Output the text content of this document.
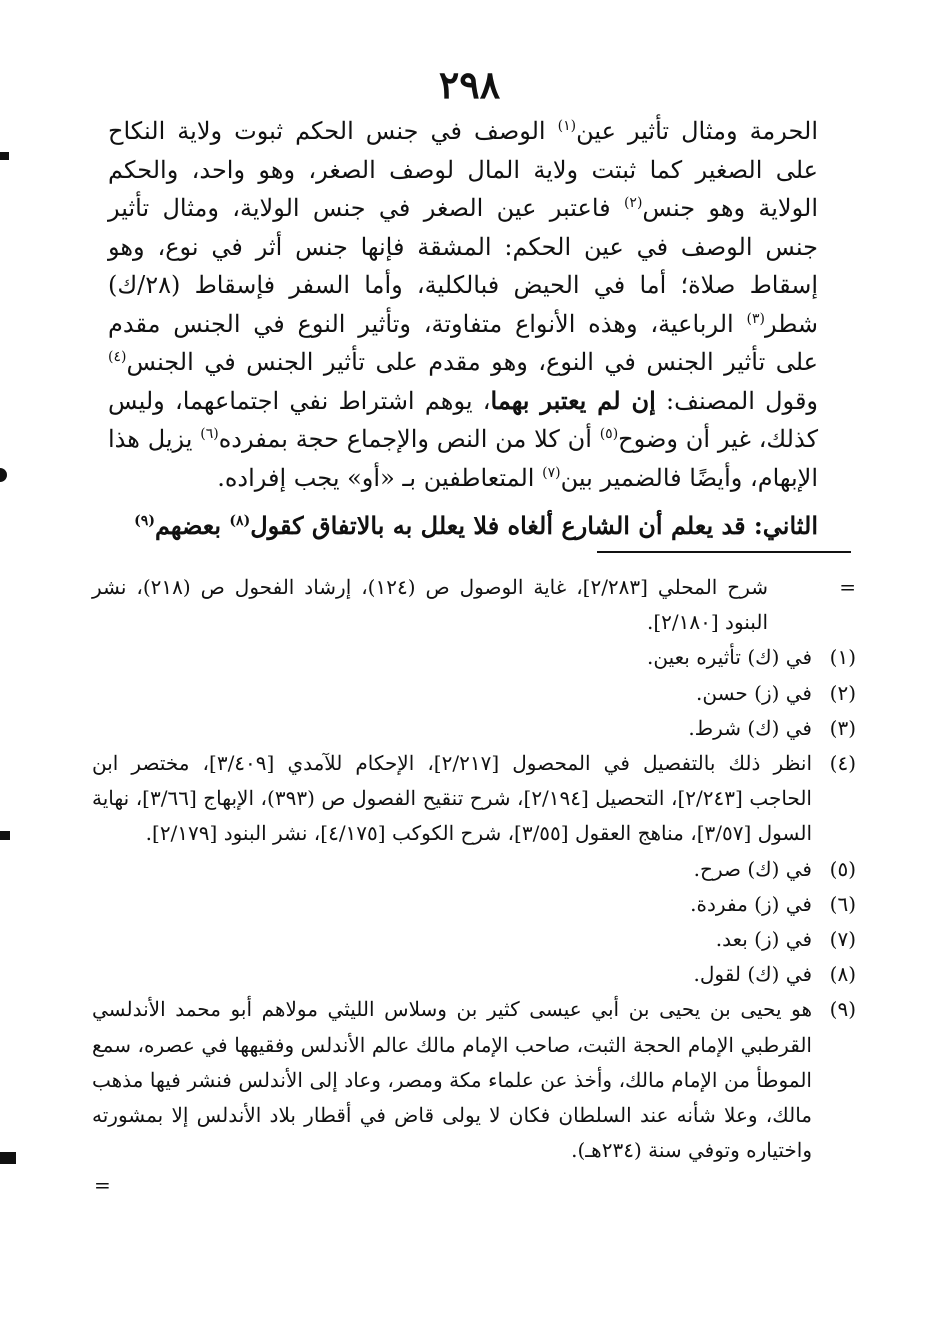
٢٩٨

الحرمة ومثال تأثير عين$^{(١)}$ الوصف في جنس الحكم ثبوت ولاية النكاح على الصغير كما ثبتت ولاية المال لوصف الصغر، وهو واحد، والحكم الولاية وهو جنس$^{(٢)}$ فاعتبر عين الصغر في جنس الولاية، ومثال تأثير جنس الوصف في عين الحكم: المشقة فإنها جنس أثر في نوع، وهو إسقاط صلاة؛ أما في الحيض فبالكلية، وأما السفر فإسقاط (٢٨/ك) شطر$^{(٣)}$ الرباعية، وهذه الأنواع متفاوتة، وتأثير النوع في الجنس مقدم على تأثير الجنس في النوع، وهو مقدم على تأثير الجنس في الجنس$^{(٤)}$ وقول المصنف: إن لم يعتبر بهما، يوهم اشتراط نفي اجتماعهما، وليس كذلك، غير أن وضوح$^{(٥)}$ أن كلا من النص والإجماع حجة بمفرده$^{(٦)}$ يزيل هذا الإبهام، وأيضًا فالضمير بين$^{(٧)}$ المتعاطفين بـ «أو» يجب إفراده.

الثاني: قد يعلم أن الشارع ألغاه فلا يعلل به بالاتفاق كقول$^{(٨)}$ بعضهم$^{(٩)}$

=
شرح المحلي [٢/٢٨٣]، غاية الوصول ص (١٢٤)، إرشاد الفحول ص (٢١٨)، نشر البنود [٢/١٨٠].
(١)
في (ك) تأثيره بعين.
(٢)
في (ز) حسن.
(٣)
في (ك) شرط.
(٤)
انظر ذلك بالتفصيل في المحصول [٢/٢١٧]، الإحكام للآمدي [٣/٤٠٩]، مختصر ابن الحاجب [٢/٢٤٣]، التحصيل [٢/١٩٤]، شرح تنقيح الفصول ص (٣٩٣)، الإبهاج [٣/٦٦]، نهاية السول [٣/٥٧]، مناهج العقول [٣/٥٥]، شرح الكوكب [٤/١٧٥]، نشر البنود [٢/١٧٩].
(٥)
في (ك) صرح.
(٦)
في (ز) مفردة.
(٧)
في (ز) بعد.
(٨)
في (ك) لقول.
(٩)
هو يحيى بن يحيى بن أبي عيسى كثير بن وسلاس الليثي مولاهم أبو محمد الأندلسي القرطبي الإمام الحجة الثبت، صاحب الإمام مالك عالم الأندلس وفقيهها في عصره، سمع الموطأ من الإمام مالك، وأخذ عن علماء مكة ومصر، وعاد إلى الأندلس فنشر فيها مذهب مالك، وعلا شأنه عند السلطان فكان لا يولى قاض في أقطار بلاد الأندلس إلا بمشورته واختياره وتوفي سنة (٢٣٤هـ).
=
